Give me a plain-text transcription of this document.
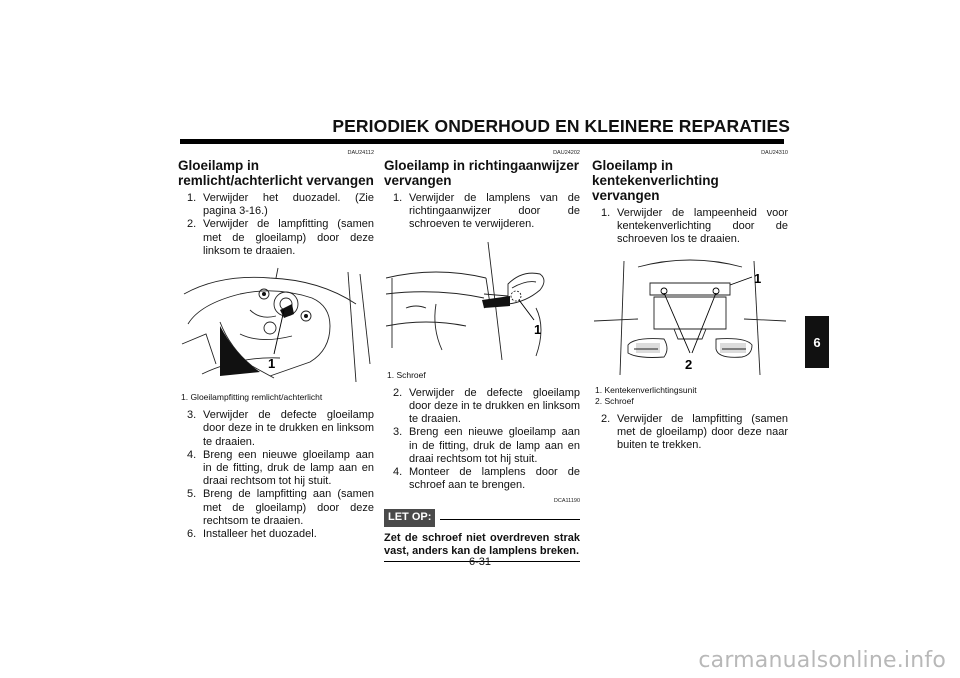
PERIODIEK ONDERHOUD EN KLEINERE REPARATIES
DAU24112
Gloeilamp in remlicht/achterlicht vervangen
1. Verwijder het duozadel. (Zie pagina 3-16.)
2. Verwijder de lampfitting (samen met de gloeilamp) door deze linksom te draaien.
1
1. Gloeilampfitting remlicht/achterlicht
3. Verwijder de defecte gloeilamp door deze in te drukken en linksom te draaien.
4. Breng een nieuwe gloeilamp aan in de fitting, druk de lamp aan en draai rechtsom tot hij stuit.
5. Breng de lampfitting aan (samen met de gloeilamp) door deze rechtsom te draaien.
6. Installeer het duozadel.
DAU24202
Gloeilamp in richtingaanwijzer vervangen
1. Verwijder de lamplens van de richtingaanwijzer door de schroeven te verwijderen.
1
1. Schroef
2. Verwijder de defecte gloeilamp door deze in te drukken en linksom te draaien.
3. Breng een nieuwe gloeilamp aan in de fitting, druk de lamp aan en draai rechtsom tot hij stuit.
4. Monteer de lamplens door de schroef aan te brengen.
DCA11190
LET OP:
Zet de schroef niet overdreven strak vast, anders kan de lamplens breken.
DAU24310
Gloeilamp in kentekenverlichting vervangen
1. Verwijder de lampeenheid voor kentekenverlichting door de schroeven los te draaien.
1
2
1. Kentekenverlichtingsunit
2. Schroef
2. Verwijder de lampfitting (samen met de gloeilamp) door deze naar buiten te trekken.
6
6-31
carmanualsonline.info
